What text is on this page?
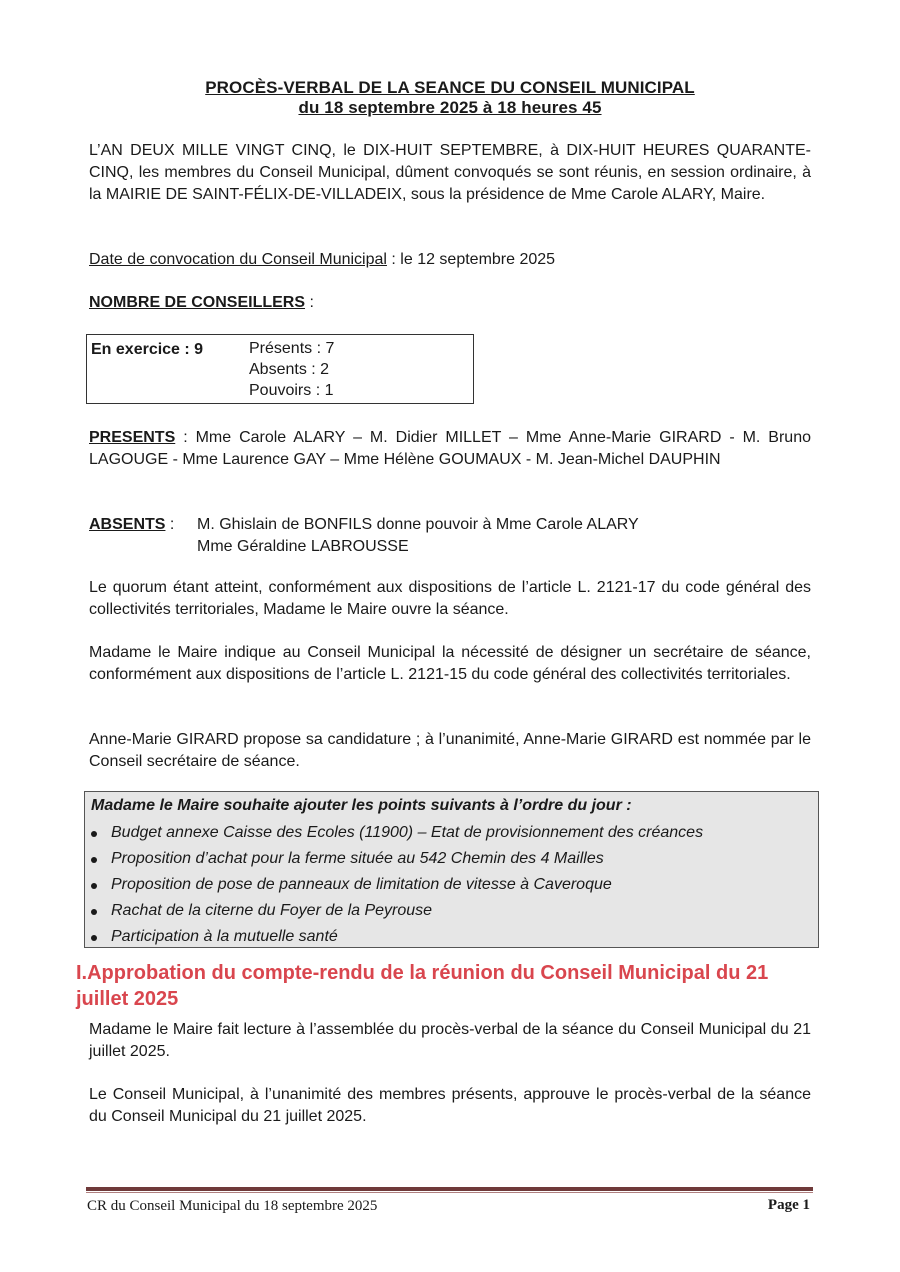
PROCÈS-VERBAL DE LA SEANCE DU CONSEIL MUNICIPAL
du 18 septembre 2025 à 18 heures 45

L’AN DEUX MILLE VINGT CINQ, le DIX-HUIT SEPTEMBRE, à DIX-HUIT HEURES QUARANTE-CINQ, les membres du Conseil Municipal, dûment convoqués se sont réunis, en session ordinaire, à la MAIRIE DE SAINT-FÉLIX-DE-VILLADEIX, sous la présidence de Mme Carole ALARY, Maire.

Date de convocation du Conseil Municipal : le 12 septembre 2025
NOMBRE DE CONSEILLERS :
En exercice : 9	Présents : 7
Absents : 2
Pouvoirs : 1

PRESENTS : Mme Carole ALARY – M. Didier MILLET – Mme Anne-Marie GIRARD - M. Bruno LAGOUGE - Mme Laurence GAY – Mme Hélène GOUMAUX - M. Jean-Michel DAUPHIN

ABSENTS : M. Ghislain de BONFILS donne pouvoir à Mme Carole ALARY
Mme Géraldine LABROUSSE

Le quorum étant atteint, conformément aux dispositions de l’article L. 2121-17 du code général des collectivités territoriales, Madame le Maire ouvre la séance.

Madame le Maire indique au Conseil Municipal la nécessité de désigner un secrétaire de séance, conformément aux dispositions de l’article L. 2121-15 du code général des collectivités territoriales.

Anne-Marie GIRARD propose sa candidature ; à l’unanimité, Anne-Marie GIRARD est nommée par le Conseil secrétaire de séance.

Madame le Maire souhaite ajouter les points suivants à l’ordre du jour :
Budget annexe Caisse des Ecoles (11900) – Etat de provisionnement des créances
Proposition d’achat pour la ferme située au 542 Chemin des 4 Mailles
Proposition de pose de panneaux de limitation de vitesse à Caveroque
Rachat de la citerne du Foyer de la Peyrouse
Participation à la mutuelle santé
I.Approbation du compte-rendu de la réunion du Conseil Municipal du 21 juillet 2025

Madame le Maire fait lecture à l’assemblée du procès-verbal de la séance du Conseil Municipal du 21 juillet 2025.

Le Conseil Municipal, à l’unanimité des membres présents, approuve le procès-verbal de la séance du Conseil Municipal du 21 juillet 2025.

CR du Conseil Municipal du 18 septembre 2025	Page 1
